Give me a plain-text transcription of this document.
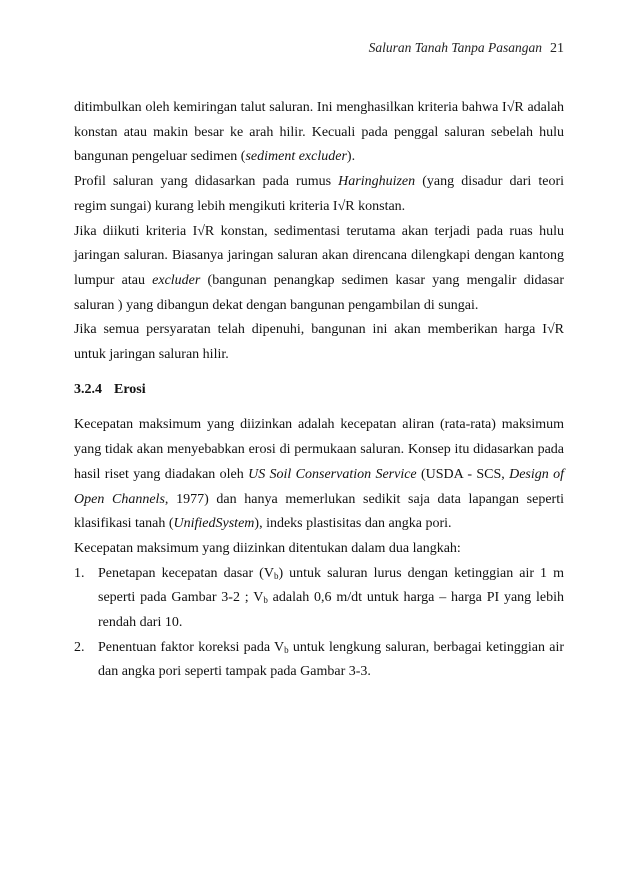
Saluran Tanah Tanpa Pasangan 21

ditimbulkan oleh kemiringan talut saluran. Ini menghasilkan kriteria bahwa I√R adalah konstan atau makin besar ke arah hilir. Kecuali pada penggal saluran sebelah hulu bangunan pengeluar sedimen (sediment excluder).

Profil saluran yang didasarkan pada rumus Haringhuizen (yang disadur dari teori regim sungai) kurang lebih mengikuti kriteria I√R konstan.

Jika diikuti kriteria I√R konstan, sedimentasi terutama akan terjadi pada ruas hulu jaringan saluran. Biasanya jaringan saluran akan direncana dilengkapi dengan kantong lumpur atau excluder (bangunan penangkap sedimen kasar yang mengalir didasar saluran ) yang dibangun dekat dengan bangunan pengambilan di sungai.

Jika semua persyaratan telah dipenuhi, bangunan ini akan memberikan harga I√R untuk jaringan saluran hilir.

3.2.4 Erosi

Kecepatan maksimum yang diizinkan adalah kecepatan aliran (rata-rata) maksimum yang tidak akan menyebabkan erosi di permukaan saluran. Konsep itu didasarkan pada hasil riset yang diadakan oleh US Soil Conservation Service (USDA - SCS, Design of Open Channels, 1977) dan hanya memerlukan sedikit saja data lapangan seperti klasifikasi tanah (UnifiedSystem), indeks plastisitas dan angka pori.

Kecepatan maksimum yang diizinkan ditentukan dalam dua langkah:

1. Penetapan kecepatan dasar $(V_b)$ untuk saluran lurus dengan ketinggian air 1 m seperti pada Gambar 3-2 ; $V_b$ adalah 0,6 m/dt untuk harga – harga PI yang lebih rendah dari 10.
2. Penentuan faktor koreksi pada $V_b$ untuk lengkung saluran, berbagai ketinggian air dan angka pori seperti tampak pada Gambar 3-3.
